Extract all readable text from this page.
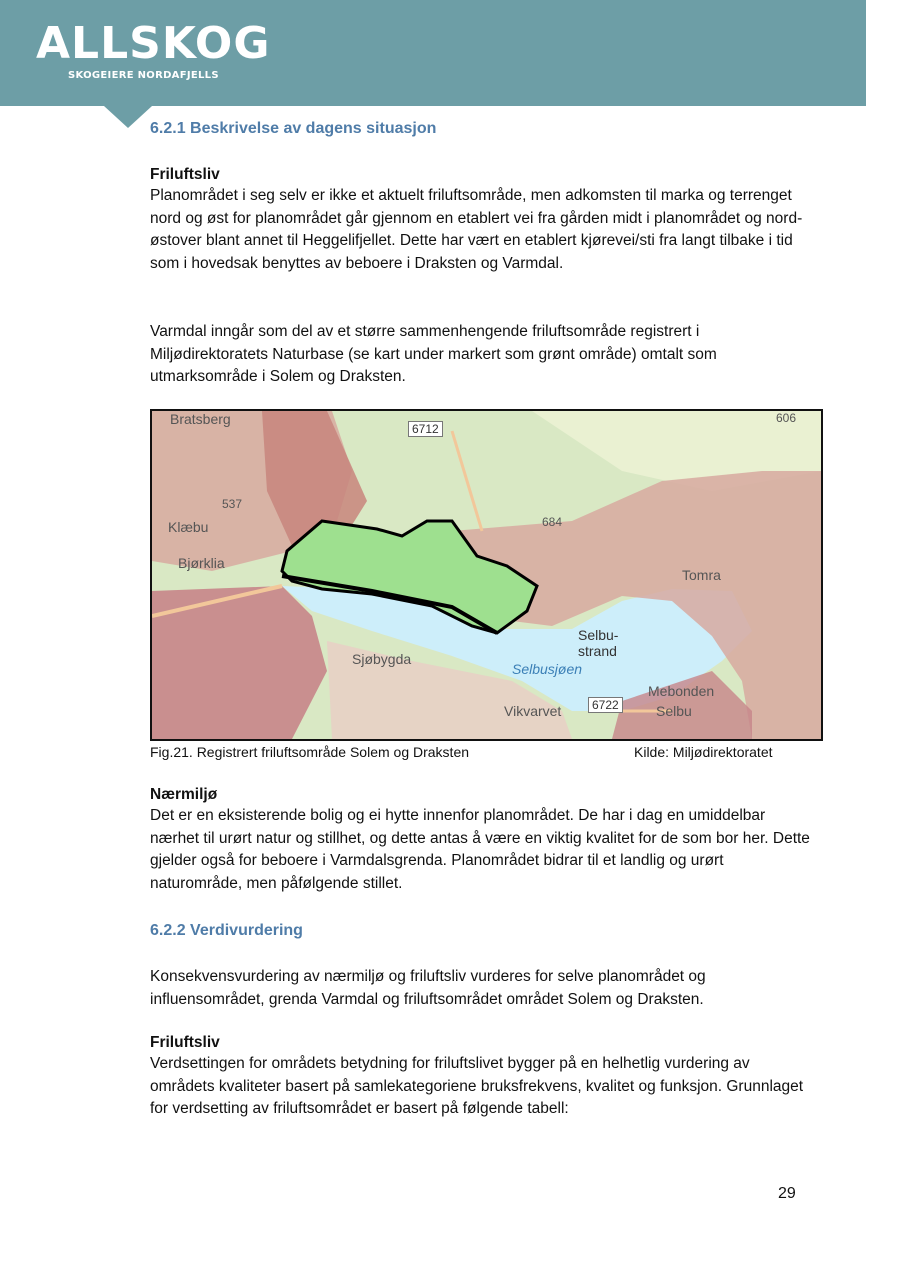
ALLSKOG
SKOGEIERE NORDAFJELLS
6.2.1 Beskrivelse av dagens situasjon
Friluftsliv

Planområdet i seg selv er ikke et aktuelt friluftsområde, men adkomsten til marka og terrenget nord og øst for planområdet går gjennom en etablert vei fra gården midt i planområdet og nord-østover blant annet til Heggelifjellet. Dette har vært en etablert kjørevei/sti fra langt tilbake i tid som i hovedsak benyttes av beboere i Draksten og Varmdal.

Varmdal inngår som del av et større sammenhengende friluftsområde registrert i Miljødirektoratets Naturbase (se kart under markert som grønt område) omtalt som utmarksområde i Solem og Draksten.

Bratsberg
6712
606
537
Klæbu	684
Bjørklia
Tomra
Selbu-
strand
Sjøbygda
Selbusjøen
Mebonden
Selbu
Vikvarvet	6722
Fig.21. Registrert friluftsområde Solem og Draksten	Kilde: Miljødirektoratet
Nærmiljø

Det er en eksisterende bolig og ei hytte innenfor planområdet. De har i dag en umiddelbar nærhet til urørt natur og stillhet, og dette antas å være en viktig kvalitet for de som bor her. Dette gjelder også for beboere i Varmdalsgrenda. Planområdet bidrar til et landlig og urørt naturområde, men påfølgende stillet.

6.2.2 Verdivurdering

Konsekvensvurdering av nærmiljø og friluftsliv vurderes for selve planområdet og influensområdet, grenda Varmdal og friluftsområdet området Solem og Draksten.

Friluftsliv

Verdsettingen for områdets betydning for friluftslivet bygger på en helhetlig vurdering av områdets kvaliteter basert på samlekategoriene bruksfrekvens, kvalitet og funksjon. Grunnlaget for verdsetting av friluftsområdet er basert på følgende tabell:

29
